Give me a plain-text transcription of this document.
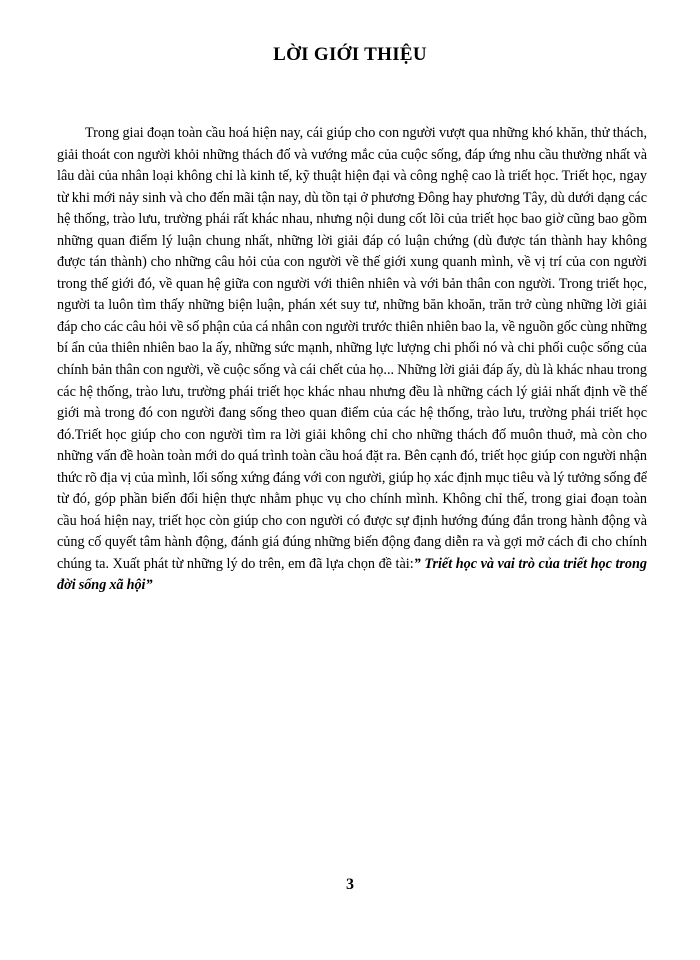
LỜI GIỚI THIỆU

Trong giai đoạn toàn cầu hoá hiện nay, cái giúp cho con người vượt qua những khó khăn, thử thách, giải thoát con người khỏi những thách đố và vướng mắc của cuộc sống, đáp ứng nhu cầu thường nhất và lâu dài của nhân loại không chỉ là kinh tế, kỹ thuật hiện đại và công nghệ cao là triết học. Triết học, ngay từ khi mới nảy sinh và cho đến mãi tận nay, dù tồn tại ở phương Đông hay phương Tây, dù dưới dạng các hệ thống, trào lưu, trường phái rất khác nhau, nhưng nội dung cốt lõi của triết học bao giờ cũng bao gồm những quan điểm lý luận chung nhất, những lời giải đáp có luận chứng (dù được tán thành hay không được tán thành) cho những câu hỏi của con người về thế giới xung quanh mình, về vị trí của con người trong thế giới đó, về quan hệ giữa con người với thiên nhiên và với bản thân con người. Trong triết học, người ta luôn tìm thấy những biện luận, phán xét suy tư, những băn khoăn, trăn trở cùng những lời giải đáp cho các câu hỏi về số phận của cá nhân con người trước thiên nhiên bao la, về nguồn gốc cùng những bí ẩn của thiên nhiên bao la ấy, những sức mạnh, những lực lượng chi phối nó và chi phối cuộc sống của chính bản thân con người, về cuộc sống và cái chết của họ... Những lời giải đáp ấy, dù là khác nhau trong các hệ thống, trào lưu, trường phái triết học khác nhau nhưng đều là những cách lý giải nhất định về thế giới mà trong đó con người đang sống theo quan điểm của các hệ thống, trào lưu, trường phái triết học đó.Triết học giúp cho con người tìm ra lời giải không chỉ cho những thách đố muôn thuở, mà còn cho những vấn đề hoàn toàn mới do quá trình toàn cầu hoá đặt ra. Bên cạnh đó, triết học giúp con người nhận thức rõ địa vị của mình, lối sống xứng đáng với con người, giúp họ xác định mục tiêu và lý tưởng sống để từ đó, góp phần biến đổi hiện thực nhằm phục vụ cho chính mình. Không chỉ thế, trong giai đoạn toàn cầu hoá hiện nay, triết học còn giúp cho con người có được sự định hướng đúng đắn trong hành động và củng cố quyết tâm hành động, đánh giá đúng những biến động đang diễn ra và gợi mở cách đi cho chính chúng ta. Xuất phát từ những lý do trên, em đã lựa chọn đề tài:” Triết học và vai trò của triết học trong đời sống xã hội”

3
